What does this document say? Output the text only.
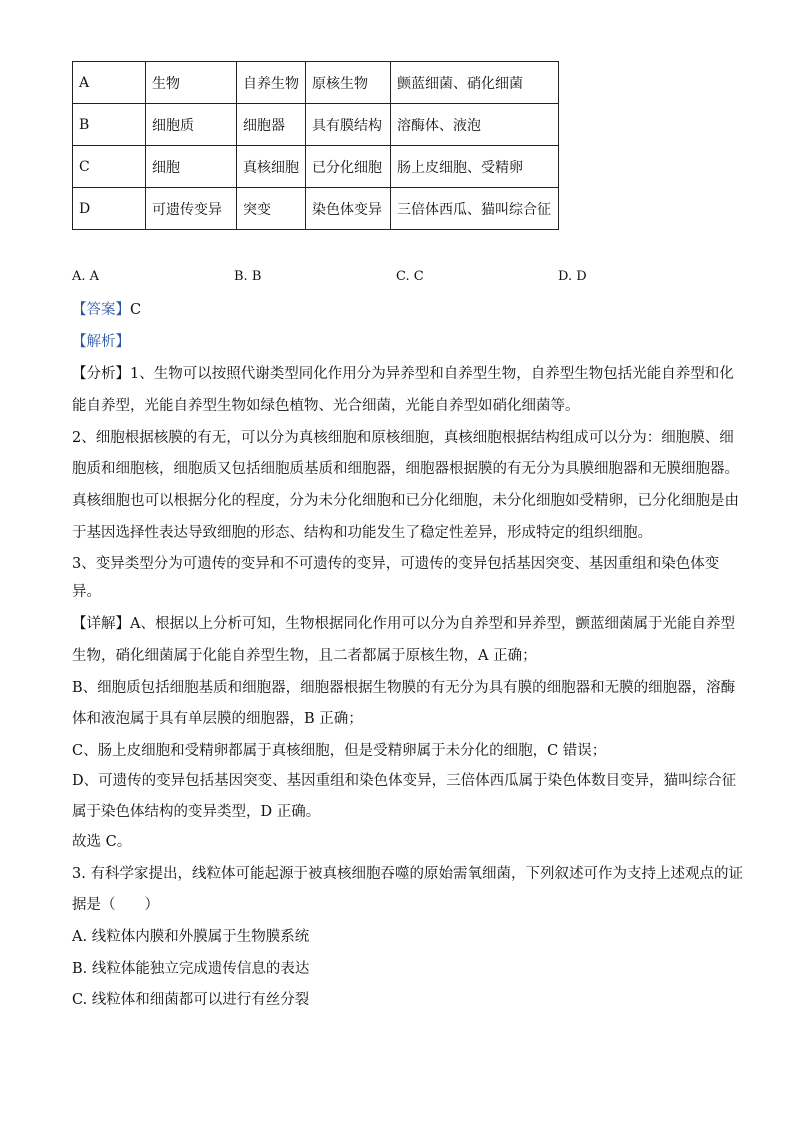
A	生物	自养生物	原核生物	颤蓝细菌、硝化细菌
B	细胞质	细胞器	具有膜结构	溶酶体、液泡
C	细胞	真核细胞	已分化细胞	肠上皮细胞、受精卵
D	可遗传变异	突变	染色体变异	三倍体西瓜、猫叫综合征
A. A	B. B	C. C	D. D
【答案】C
【解析】
【分析】1、生物可以按照代谢类型同化作用分为异养型和自养型生物，自养型生物包括光能自养型和化
能自养型，光能自养型生物如绿色植物、光合细菌，光能自养型如硝化细菌等。
2、细胞根据核膜的有无，可以分为真核细胞和原核细胞，真核细胞根据结构组成可以分为：细胞膜、细
胞质和细胞核，细胞质又包括细胞质基质和细胞器，细胞器根据膜的有无分为具膜细胞器和无膜细胞器。
真核细胞也可以根据分化的程度，分为未分化细胞和已分化细胞，未分化细胞如受精卵，已分化细胞是由
于基因选择性表达导致细胞的形态、结构和功能发生了稳定性差异，形成特定的组织细胞。
3、变异类型分为可遗传的变异和不可遗传的变异，可遗传的变异包括基因突变、基因重组和染色体变
异。
【详解】A、根据以上分析可知，生物根据同化作用可以分为自养型和异养型，颤蓝细菌属于光能自养型
生物，硝化细菌属于化能自养型生物，且二者都属于原核生物，A 正确；
B、细胞质包括细胞基质和细胞器，细胞器根据生物膜的有无分为具有膜的细胞器和无膜的细胞器，溶酶
体和液泡属于具有单层膜的细胞器，B 正确；
C、肠上皮细胞和受精卵都属于真核细胞，但是受精卵属于未分化的细胞，C 错误；
D、可遗传的变异包括基因突变、基因重组和染色体变异，三倍体西瓜属于染色体数目变异，猫叫综合征
属于染色体结构的变异类型，D 正确。
故选 C。
3. 有科学家提出，线粒体可能起源于被真核细胞吞噬的原始需氧细菌，下列叙述可作为支持上述观点的证
据是（　　）
A. 线粒体内膜和外膜属于生物膜系统
B. 线粒体能独立完成遗传信息的表达
C. 线粒体和细菌都可以进行有丝分裂
